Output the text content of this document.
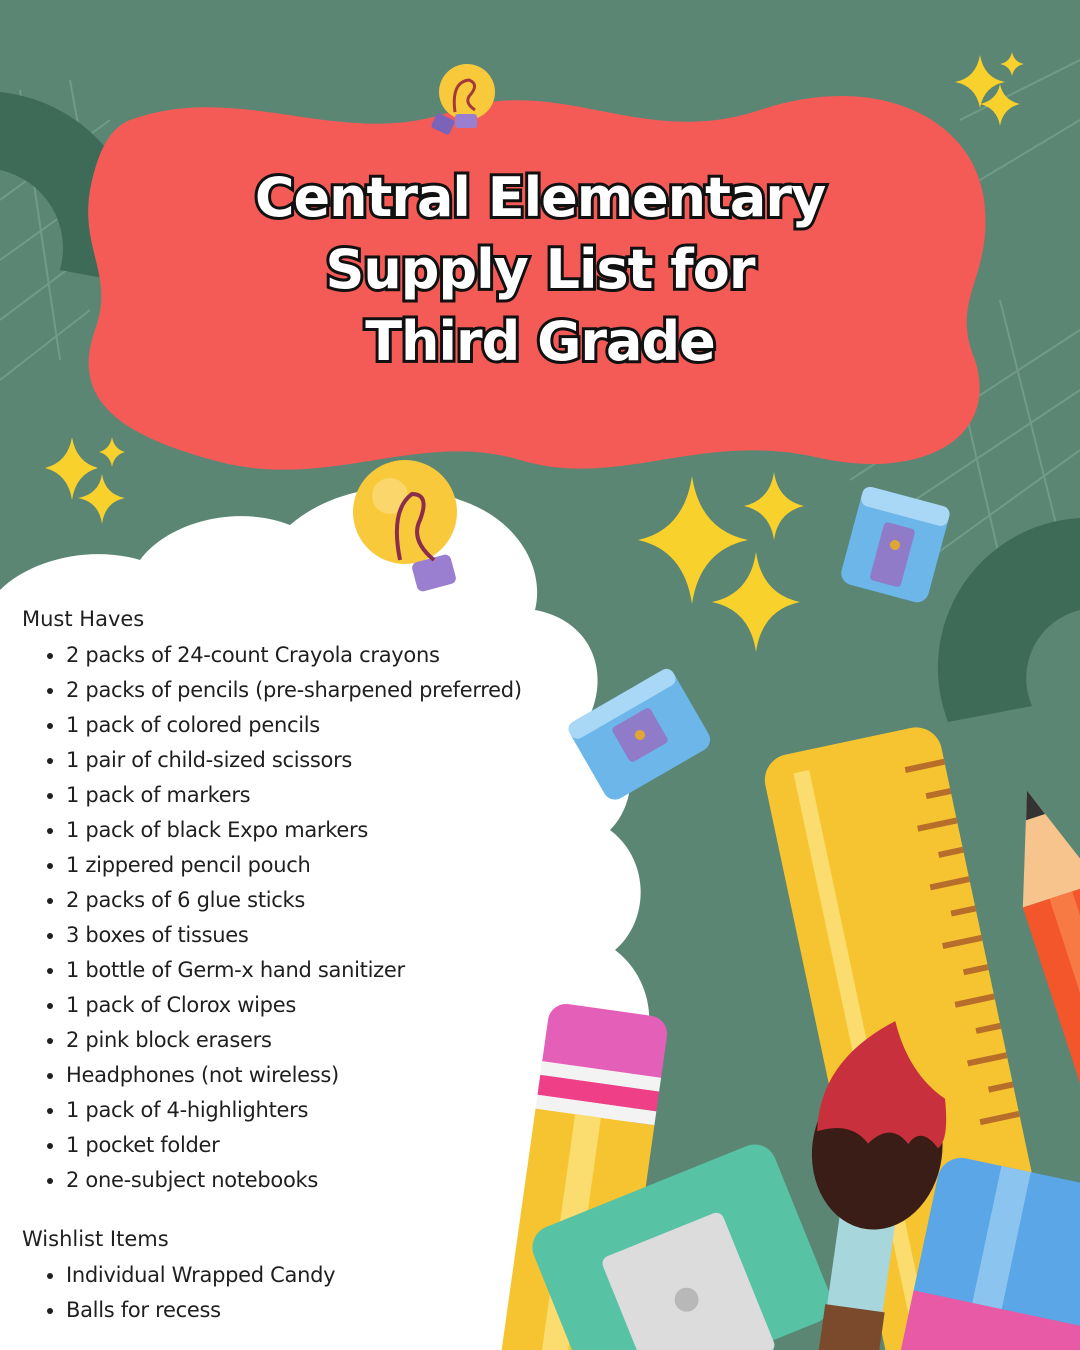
Central Elementary
Supply List for
Third Grade
Must Haves
• 2 packs of 24-count Crayola crayons
• 2 packs of pencils (pre-sharpened preferred)
• 1 pack of colored pencils
• 1 pair of child-sized scissors
• 1 pack of markers
• 1 pack of black Expo markers
• 1 zippered pencil pouch
• 2 packs of 6 glue sticks
• 3 boxes of tissues
• 1 bottle of Germ-x hand sanitizer
• 1 pack of Clorox wipes
• 2 pink block erasers
• Headphones (not wireless)
• 1 pack of 4-highlighters
• 1 pocket folder
• 2 one-subject notebooks
Wishlist Items
• Individual Wrapped Candy
• Balls for recess
